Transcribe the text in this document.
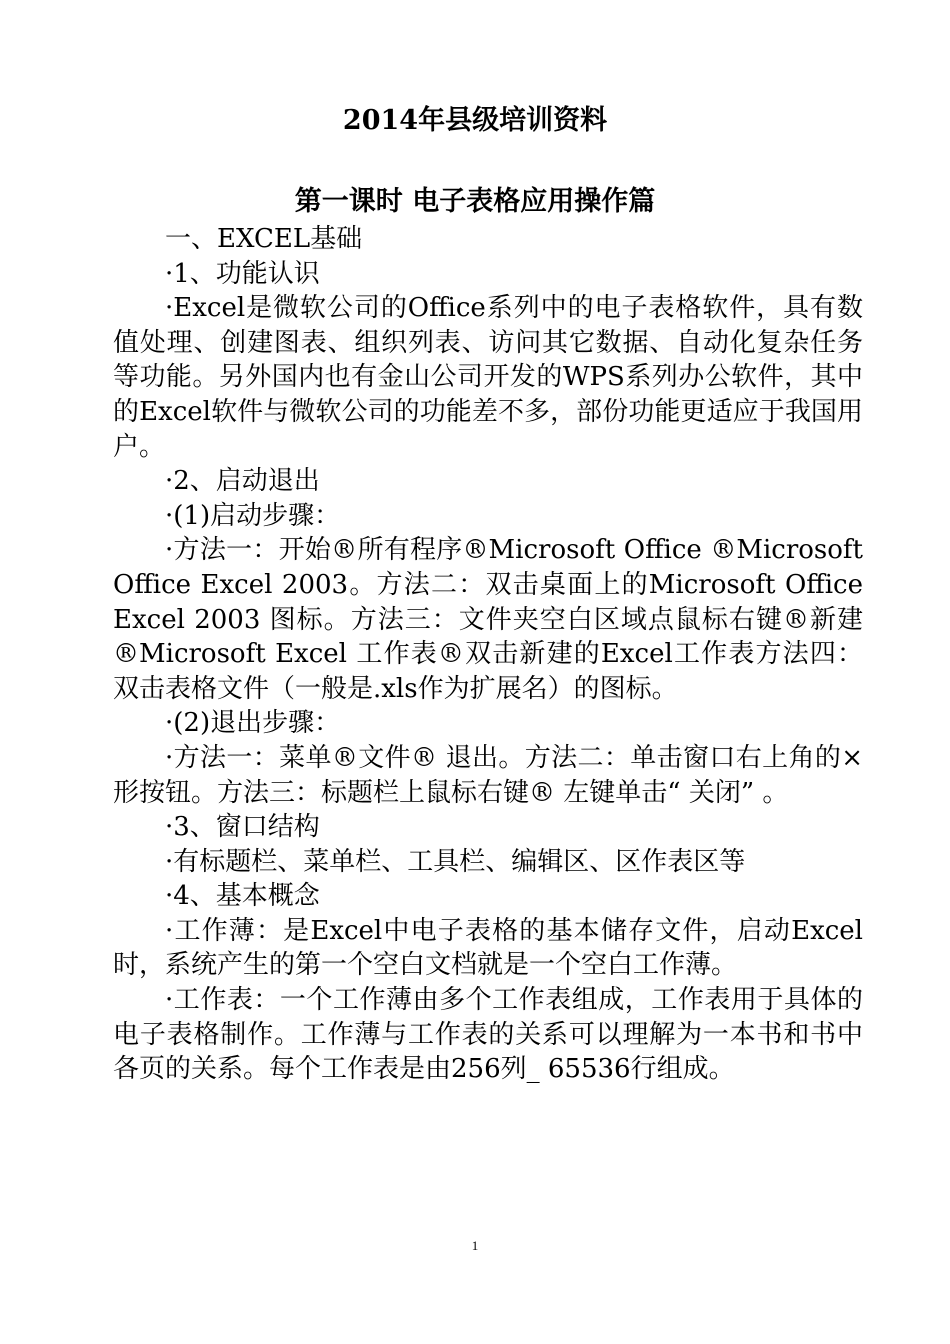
2014年县级培训资料
第一课时 电子表格应用操作篇

一、EXCEL基础

·1、功能认识

·Excel是微软公司的Office系列中的电子表格软件，具有数值处理、创建图表、组织列表、访问其它数据、自动化复杂任务等功能。另外国内也有金山公司开发的WPS系列办公软件，其中的Excel软件与微软公司的功能差不多，部份功能更适应于我国用户。

·2、启动退出

·(1)启动步骤：

·方法一：开始®所有程序®Microsoft Office ®Microsoft Office Excel 2003。方法二：双击桌面上的Microsoft Office Excel 2003 图标。方法三：文件夹空白区域点鼠标右键®新建®Microsoft Excel 工作表®双击新建的Excel工作表方法四：双击表格文件（一般是.xls作为扩展名）的图标。

·(2)退出步骤：

·方法一：菜单®文件® 退出。方法二：单击窗口右上角的×形按钮。方法三：标题栏上鼠标右键® 左键单击“ 关闭” 。

·3、窗口结构

·有标题栏、菜单栏、工具栏、编辑区、区作表区等

·4、基本概念

·工作薄：是Excel中电子表格的基本储存文件，启动Excel时，系统产生的第一个空白文档就是一个空白工作薄。

·工作表：一个工作薄由多个工作表组成，工作表用于具体的电子表格制作。工作薄与工作表的关系可以理解为一本书和书中各页的关系。每个工作表是由256列_ 65536行组成。

1
